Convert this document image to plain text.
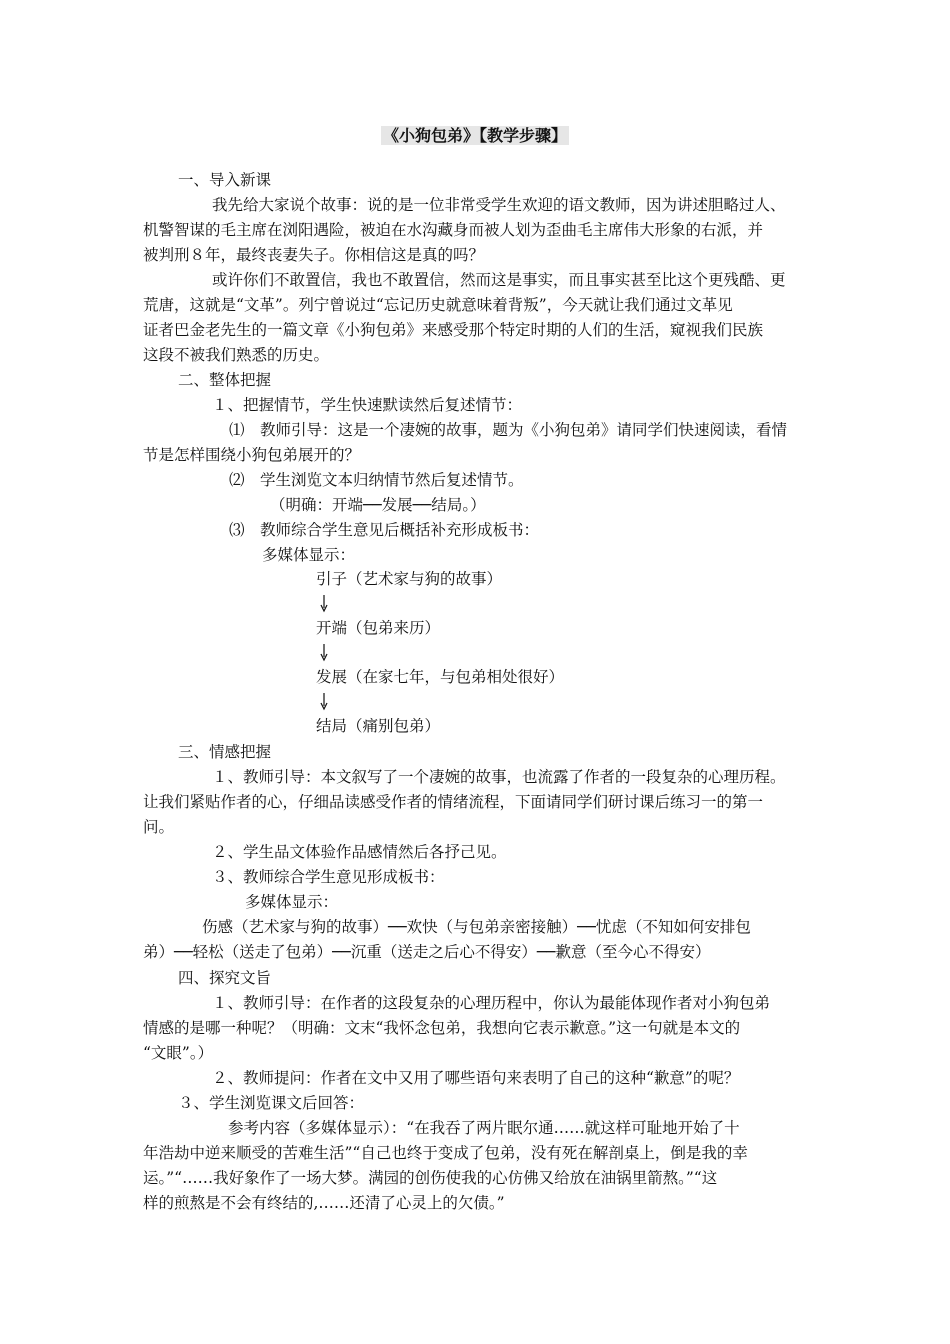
《小狗包弟》【教学步骤】
一、导入新课
我先给大家说个故事：说的是一位非常受学生欢迎的语文教师，因为讲述胆略过人、
机警智谋的毛主席在浏阳遇险，被迫在水沟藏身而被人划为歪曲毛主席伟大形象的右派，并
被判刑８年，最终丧妻失子。你相信这是真的吗？
或许你们不敢置信，我也不敢置信，然而这是事实，而且事实甚至比这个更残酷、更
荒唐，这就是“文革”。列宁曾说过“忘记历史就意味着背叛”，今天就让我们通过文革见
证者巴金老先生的一篇文章《小狗包弟》来感受那个特定时期的人们的生活，窥视我们民族
这段不被我们熟悉的历史。
二、整体把握
１、把握情节，学生快速默读然后复述情节：
⑴　教师引导：这是一个凄婉的故事，题为《小狗包弟》请同学们快速阅读，看情
节是怎样围绕小狗包弟展开的？
⑵　学生浏览文本归纳情节然后复述情节。
（明确：开端──发展──结局。）
⑶　教师综合学生意见后概括补充形成板书：
多媒体显示：
引子（艺术家与狗的故事）
开端（包弟来历）
发展（在家七年，与包弟相处很好）
结局（痛别包弟）
三、情感把握
１、教师引导：本文叙写了一个凄婉的故事，也流露了作者的一段复杂的心理历程。
让我们紧贴作者的心，仔细品读感受作者的情绪流程，下面请同学们研讨课后练习一的第一
问。
２、学生品文体验作品感情然后各抒己见。
３、教师综合学生意见形成板书：
多媒体显示：
伤感（艺术家与狗的故事）──欢快（与包弟亲密接触）──忧虑（不知如何安排包
弟）──轻松（送走了包弟）──沉重（送走之后心不得安）──歉意（至今心不得安）
四、探究文旨
１、教师引导：在作者的这段复杂的心理历程中，你认为最能体现作者对小狗包弟
情感的是哪一种呢？（明确：文末“我怀念包弟，我想向它表示歉意。”这一句就是本文的
“文眼”。）
２、教师提问：作者在文中又用了哪些语句来表明了自己的这种“歉意”的呢？
３、学生浏览课文后回答：
参考内容（多媒体显示）：“在我吞了两片眠尔通……就这样可耻地开始了十
年浩劫中逆来顺受的苦难生活”“自己也终于变成了包弟，没有死在解剖桌上，倒是我的幸
运。”“……我好象作了一场大梦。满园的创伤使我的心仿佛又给放在油锅里箭熬。”“这
样的煎熬是不会有终结的,……还清了心灵上的欠债。”
